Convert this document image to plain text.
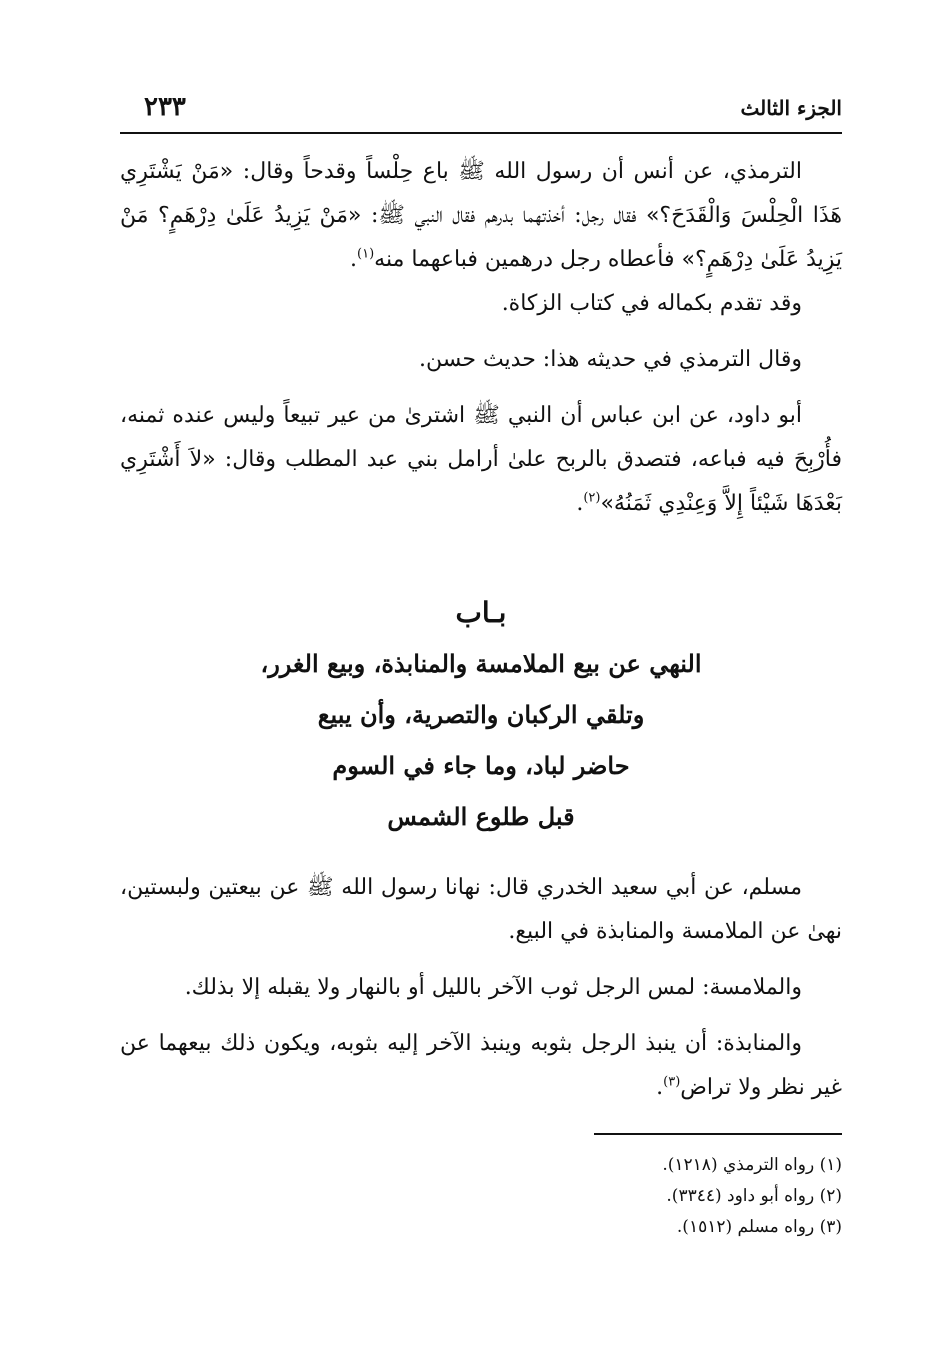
الجزء الثالث
٢٣٣

الترمذي، عن أنس أن رسول الله ﷺ باع حِلْساً وقدحاً وقال: «مَنْ يَشْتَرِي هَذَا الْحِلْسَ وَالْقَدَحَ؟» فقال رجل: أخذتهما بدرهم فقال النبي ﷺ: «مَنْ يَزِيدُ عَلَىٰ دِرْهَمٍ؟ مَنْ يَزِيدُ عَلَىٰ دِرْهَمٍ؟» فأعطاه رجل درهمين فباعهما منه$^{(١)}$.

وقد تقدم بكماله في كتاب الزكاة.

وقال الترمذي في حديثه هذا: حديث حسن.

أبو داود، عن ابن عباس أن النبي ﷺ اشترىٰ من عير تبيعاً وليس عنده ثمنه، فأُرْبِحَ فيه فباعه، فتصدق بالربح علىٰ أرامل بني عبد المطلب وقال: «لاَ أَشْتَرِي بَعْدَهَا شَيْئاً إِلاَّ وَعِنْدِي ثَمَنُهُ»$^{(٢)}$.

بـاب
النهي عن بيع الملامسة والمنابذة، وبيع الغرر،
وتلقي الركبان والتصرية، وأن يبيع
حاضر لباد، وما جاء في السوم
قبل طلوع الشمس

مسلم، عن أبي سعيد الخدري قال: نهانا رسول الله ﷺ عن بيعتين ولبستين، نهىٰ عن الملامسة والمنابذة في البيع.

والملامسة: لمس الرجل ثوب الآخر بالليل أو بالنهار ولا يقبله إلا بذلك.

والمنابذة: أن ينبذ الرجل بثوبه وينبذ الآخر إليه بثوبه، ويكون ذلك بيعهما عن غير نظر ولا تراض$^{(٣)}$.

(١) رواه الترمذي (١٢١٨).
(٢) رواه أبو داود (٣٣٤٤).
(٣) رواه مسلم (١٥١٢).
